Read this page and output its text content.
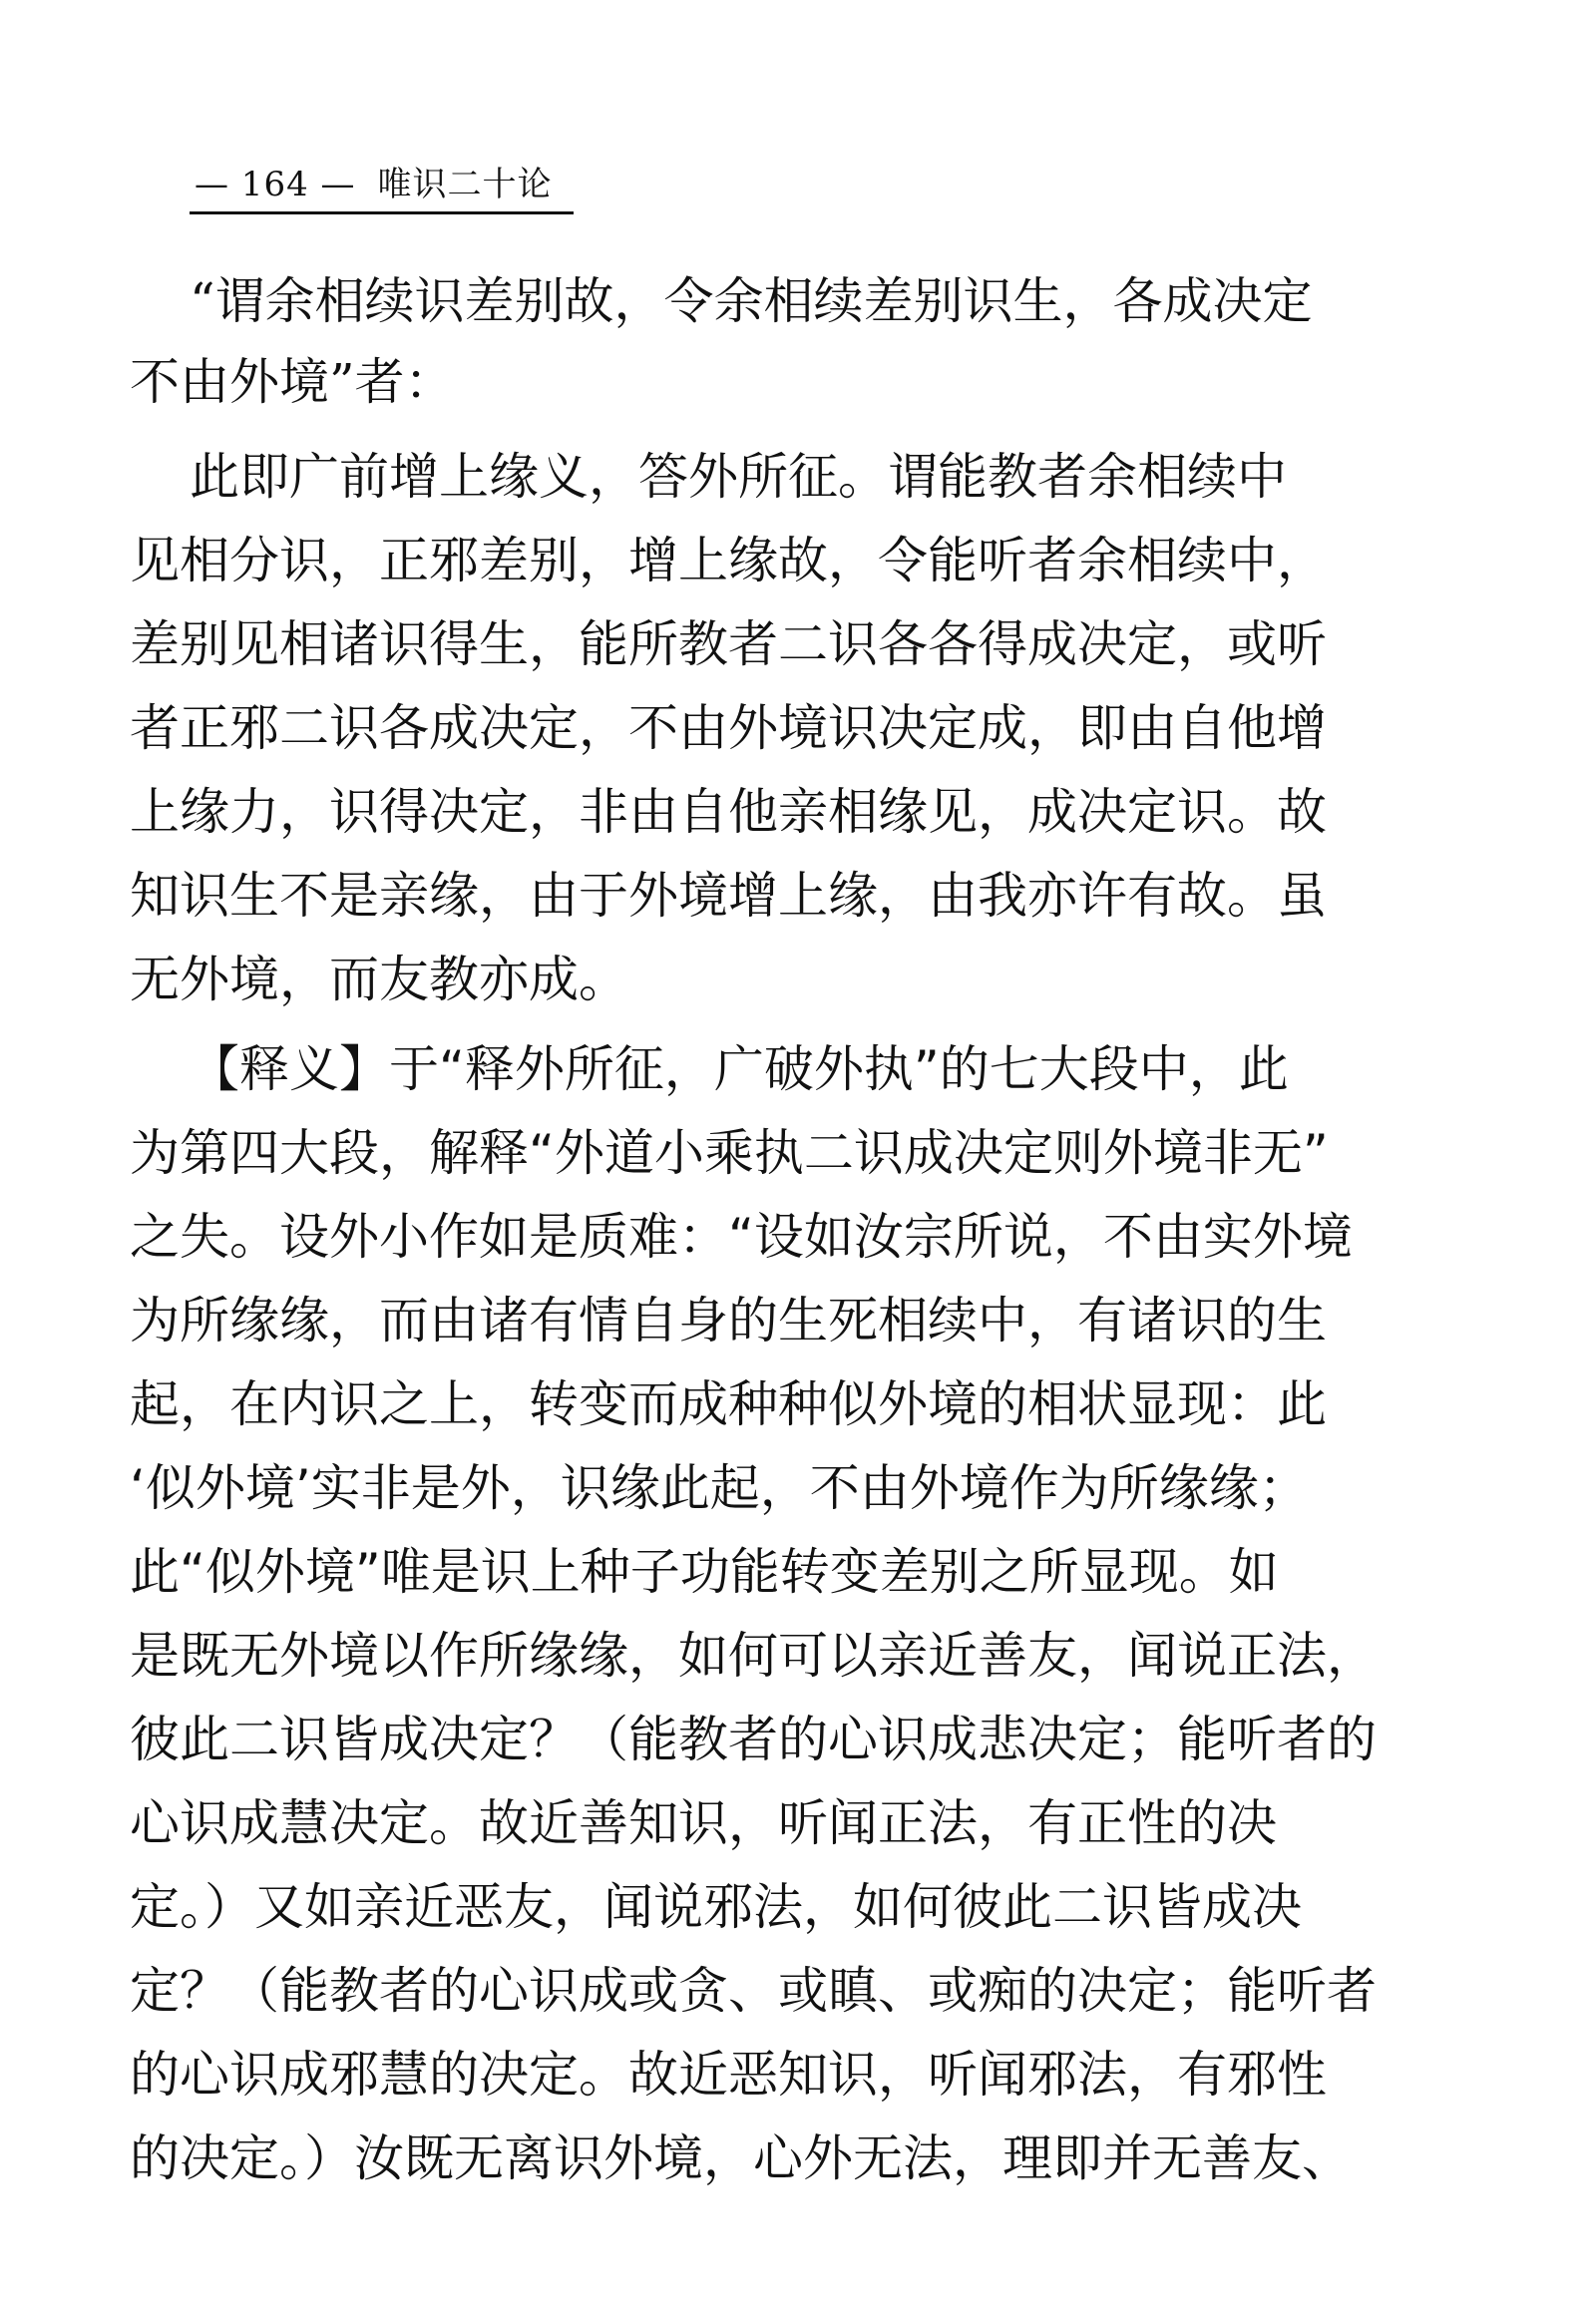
— 164 — 唯识二十论
“谓余相续识差别故，令余相续差别识生，各成决定
不由外境”者：
此即广前增上缘义，答外所征。谓能教者余相续中
见相分识，正邪差别，增上缘故，令能听者余相续中，
差别见相诸识得生，能所教者二识各各得成决定，或听
者正邪二识各成决定，不由外境识决定成，即由自他增
上缘力，识得决定，非由自他亲相缘见，成决定识。故
知识生不是亲缘，由于外境增上缘，由我亦许有故。虽
无外境，而友教亦成。
【释义】于“释外所征，广破外执”的七大段中，此
为第四大段，解释“外道小乘执二识成决定则外境非无”
之失。设外小作如是质难：“设如汝宗所说，不由实外境
为所缘缘，而由诸有情自身的生死相续中，有诸识的生
起，在内识之上，转变而成种种似外境的相状显现：此
‘似外境’实非是外，识缘此起，不由外境作为所缘缘；
此“似外境”唯是识上种子功能转变差别之所显现。如
是既无外境以作所缘缘，如何可以亲近善友，闻说正法，
彼此二识皆成决定？（能教者的心识成悲决定；能听者的
心识成慧决定。故近善知识，听闻正法，有正性的决
定。）又如亲近恶友，闻说邪法，如何彼此二识皆成决
定？（能教者的心识成或贪、或瞋、或痴的决定；能听者
的心识成邪慧的决定。故近恶知识，听闻邪法，有邪性
的决定。）汝既无离识外境，心外无法，理即并无善友、
